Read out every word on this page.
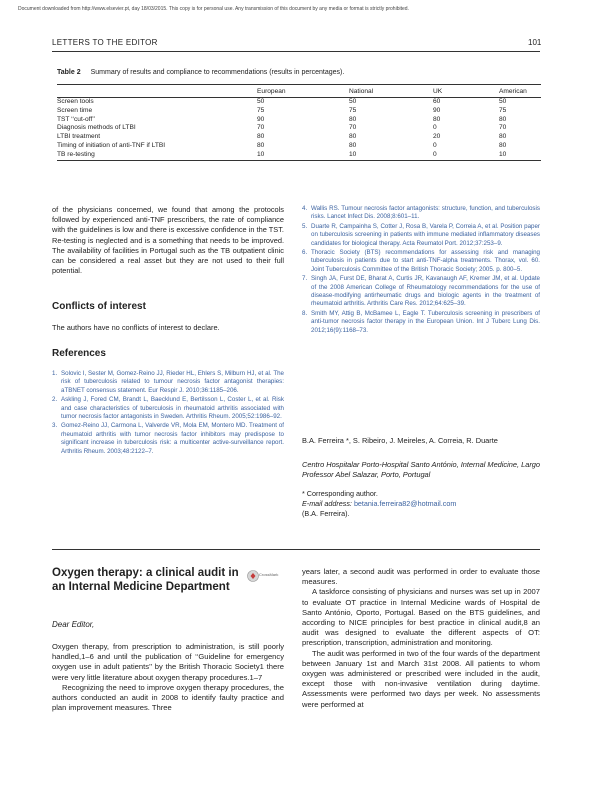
Document downloaded from http://www.elsevier.pt, day 18/03/2015. This copy is for personal use. Any transmission of this document by any media or format is strictly prohibited.
LETTERS TO THE EDITOR	101
Table 2 Summary of results and compliance to recommendations (results in percentages).
	European	National	UK	American
Screen tools	50	50	60	50
Screen time	75	75	90	75
TST ‘‘cut-off’’	90	80	80	80
Diagnosis methods of LTBI	70	70	0	70
LTBI treatment	80	80	20	80
Timing of initiation of anti-TNF if LTBI	80	80	0	80
TB re-testing	10	10	0	10
of the physicians concerned, we found that among the protocols followed by experienced anti-TNF prescribers, the rate of compliance with the guidelines is low and there is excessive confidence in the TST. Re-testing is neglected and is a something that needs to be improved. The availability of facilities in Portugal such as the TB outpatient clinic can be considered a real asset but they are not used to their full potential.
Conflicts of interest
The authors have no conflicts of interest to declare.
References
1. Solovic I, Sester M, Gomez-Reino JJ, Rieder HL, Ehlers S, Milburn HJ, et al. The risk of tuberculosis related to tumour necrosis factor antagonist therapies: aTBNET consensus statement. Eur Respir J. 2010;36:1185–206.
2. Askling J, Fored CM, Brandt L, Baecklund E, Bertilsson L, Coster L, et al. Risk and case characteristics of tuberculosis in rheumatoid arthritis associated with tumor necrosis factor antagonists in Sweden. Arthritis Rheum. 2005;52:1986–92.
3. Gomez-Reino JJ, Carmona L, Valverde VR, Mola EM, Montero MD. Treatment of rheumatoid arthritis with tumor necrosis factor inhibitors may predispose to significant increase in tuberculosis risk: a multicenter active-surveillance report. Arthritis Rheum. 2003;48:2122–7.
4. Wallis RS. Tumour necrosis factor antagonists: structure, function, and tuberculosis risks. Lancet Infect Dis. 2008;8:601–11.
5. Duarte R, Campainha S, Cotter J, Rosa B, Varela P, Correia A, et al. Position paper on tuberculosis screening in patients with immune mediated inflammatory diseases candidates for biological therapy. Acta Reumatol Port. 2012;37:253–9.
6. Thoracic Society (BTS) recommendations for assessing risk and managing tuberculosis in patients due to start anti-TNF-alpha treatments. Thorax, vol. 60. Joint Tuberculosis Committee of the British Thoracic Society; 2005. p. 800–5.
7. Singh JA, Furst DE, Bharat A, Curtis JR, Kavanaugh AF, Kremer JM, et al. Update of the 2008 American College of Rheumatology recommendations for the use of disease-modifying antirheumatic drugs and biologic agents in the treatment of rheumatoid arthritis. Arthritis Care Res. 2012;64:625–39.
8. Smith MY, Attig B, McBamee L, Eagle T. Tuberculosis screening in prescribers of anti-tumor necrosis factor therapy in the European Union. Int J Tuberc Lung Dis. 2012;16(9):1168–73.
B.A. Ferreira *, S. Ribeiro, J. Meireles, A. Correia, R. Duarte
Centro Hospitalar Porto-Hospital Santo António, Internal Medicine, Largo Professor Abel Salazar, Porto, Portugal
* Corresponding author.
E-mail address: betania.ferreira82@hotmail.com
(B.A. Ferreira).
Oxygen therapy: a clinical audit in an Internal Medicine Department
CrossMark
Dear Editor,

Oxygen therapy, from prescription to administration, is still poorly handled,1–6 and until the publication of ‘‘Guideline for emergency oxygen use in adult patients’’ by the British Thoracic Society1 there were very little literature about oxygen therapy procedures.1–7

Recognizing the need to improve oxygen therapy procedures, the authors conducted an audit in 2008 to identify faulty practice and plan improvement measures. Three

years later, a second audit was performed in order to evaluate those measures.

A taskforce consisting of physicians and nurses was set up in 2007 to evaluate OT practice in Internal Medicine wards of Hospital de Santo António, Oporto, Portugal. Based on the BTS guidelines, and according to NICE principles for best practice in clinical audit,8 an audit was designed to evaluate the different aspects of OT: prescription, transcription, administration and monitoring.

The audit was performed in two of the four wards of the department between January 1st and March 31st 2008. All patients to whom oxygen was administered or prescribed were included in the audit, except those with non-invasive ventilation during daytime. Assessments were performed two days per week. No assessments were performed at
